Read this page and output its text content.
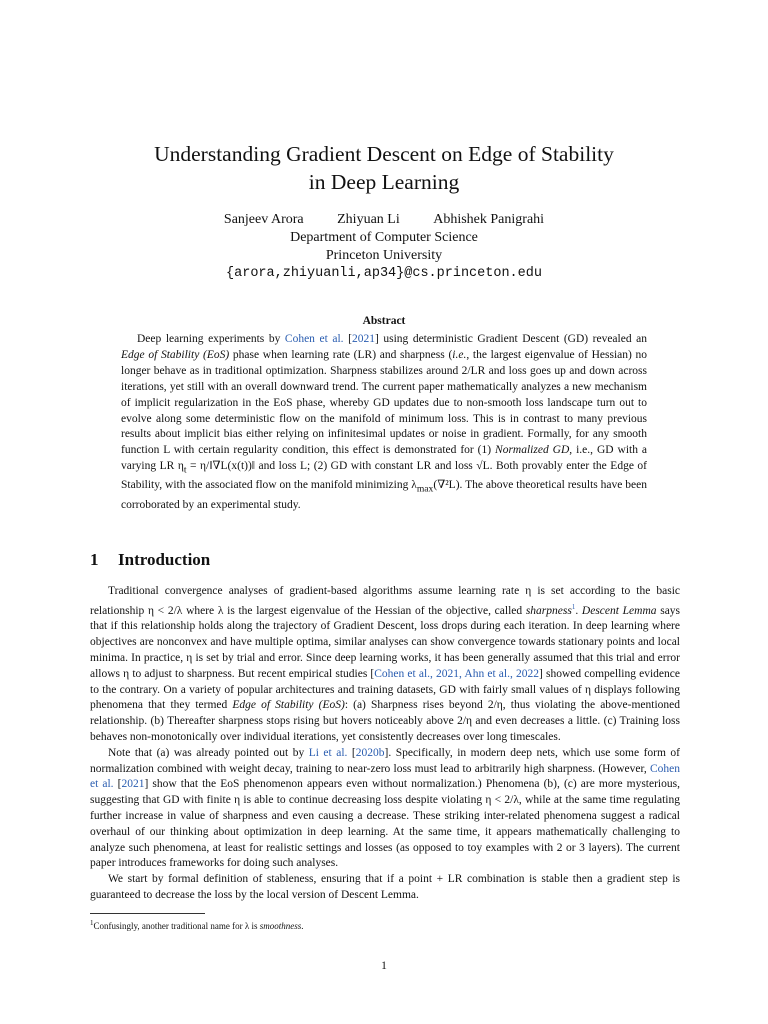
Understanding Gradient Descent on Edge of Stability
in Deep Learning
Sanjeev Arora Zhiyuan Li Abhishek Panigrahi
Department of Computer Science
Princeton University
{arora,zhiyuanli,ap34}@cs.princeton.edu
Abstract

Deep learning experiments by Cohen et al. [2021] using deterministic Gradient Descent (GD) revealed an Edge of Stability (EoS) phase when learning rate (LR) and sharpness (i.e., the largest eigenvalue of Hessian) no longer behave as in traditional optimization. Sharpness stabilizes around 2/LR and loss goes up and down across iterations, yet still with an overall downward trend. The current paper mathematically analyzes a new mechanism of implicit regularization in the EoS phase, whereby GD updates due to non-smooth loss landscape turn out to evolve along some deterministic flow on the manifold of minimum loss. This is in contrast to many previous results about implicit bias either relying on infinitesimal updates or noise in gradient. Formally, for any smooth function L with certain regularity condition, this effect is demonstrated for (1) Normalized GD, i.e., GD with a varying LR $\eta_t$ = η/‖∇L(x(t))‖ and loss L; (2) GD with constant LR and loss √L. Both provably enter the Edge of Stability, with the associated flow on the manifold minimizing $\lambda_{max}(\nabla^2L)$. The above theoretical results have been corroborated by an experimental study.

1 Introduction

Traditional convergence analyses of gradient-based algorithms assume learning rate η is set according to the basic relationship η < 2/λ where λ is the largest eigenvalue of the Hessian of the objective, called sharpness$^1$. Descent Lemma says that if this relationship holds along the trajectory of Gradient Descent, loss drops during each iteration. In deep learning where objectives are nonconvex and have multiple optima, similar analyses can show convergence towards stationary points and local minima. In practice, η is set by trial and error. Since deep learning works, it has been generally assumed that this trial and error allows η to adjust to sharpness. But recent empirical studies [Cohen et al., 2021, Ahn et al., 2022] showed compelling evidence to the contrary. On a variety of popular architectures and training datasets, GD with fairly small values of η displays following phenomena that they termed Edge of Stability (EoS): (a) Sharpness rises beyond 2/η, thus violating the above-mentioned relationship. (b) Thereafter sharpness stops rising but hovers noticeably above 2/η and even decreases a little. (c) Training loss behaves non-monotonically over individual iterations, yet consistently decreases over long timescales.

Note that (a) was already pointed out by Li et al. [2020b]. Specifically, in modern deep nets, which use some form of normalization combined with weight decay, training to near-zero loss must lead to arbitrarily high sharpness. (However, Cohen et al. [2021] show that the EoS phenomenon appears even without normalization.) Phenomena (b), (c) are more mysterious, suggesting that GD with finite η is able to continue decreasing loss despite violating η < 2/λ, while at the same time regulating further increase in value of sharpness and even causing a decrease. These striking inter-related phenomena suggest a radical overhaul of our thinking about optimization in deep learning. At the same time, it appears mathematically challenging to analyze such phenomena, at least for realistic settings and losses (as opposed to toy examples with 2 or 3 layers). The current paper introduces frameworks for doing such analyses.

We start by formal definition of stableness, ensuring that if a point + LR combination is stable then a gradient step is guaranteed to decrease the loss by the local version of Descent Lemma.

$^1$Confusingly, another traditional name for λ is smoothness.
1
